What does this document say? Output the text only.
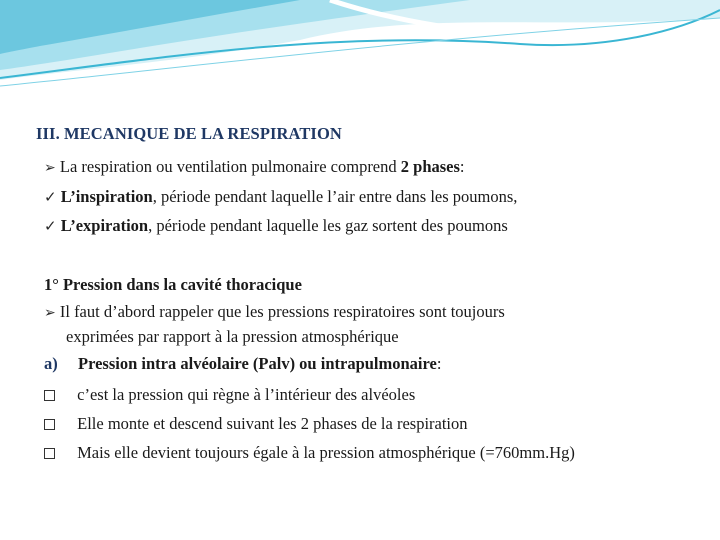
III. MECANIQUE DE LA RESPIRATION
➢ La respiration ou ventilation pulmonaire comprend 2 phases:
✓ L’inspiration, période pendant laquelle l’air entre dans les poumons,
✓ L’expiration, période pendant laquelle les gaz sortent des poumons
1° Pression dans la cavité thoracique
➢ Il faut d’abord rappeler que les pressions respiratoires sont toujours
exprimées par rapport à la pression atmosphérique
a) Pression intra alvéolaire (Palv) ou intrapulmonaire:
c’est la pression qui règne à l’intérieur des alvéoles
Elle monte et descend suivant les 2 phases de la respiration
Mais elle devient toujours égale à la pression atmosphérique (=760mm.Hg)
